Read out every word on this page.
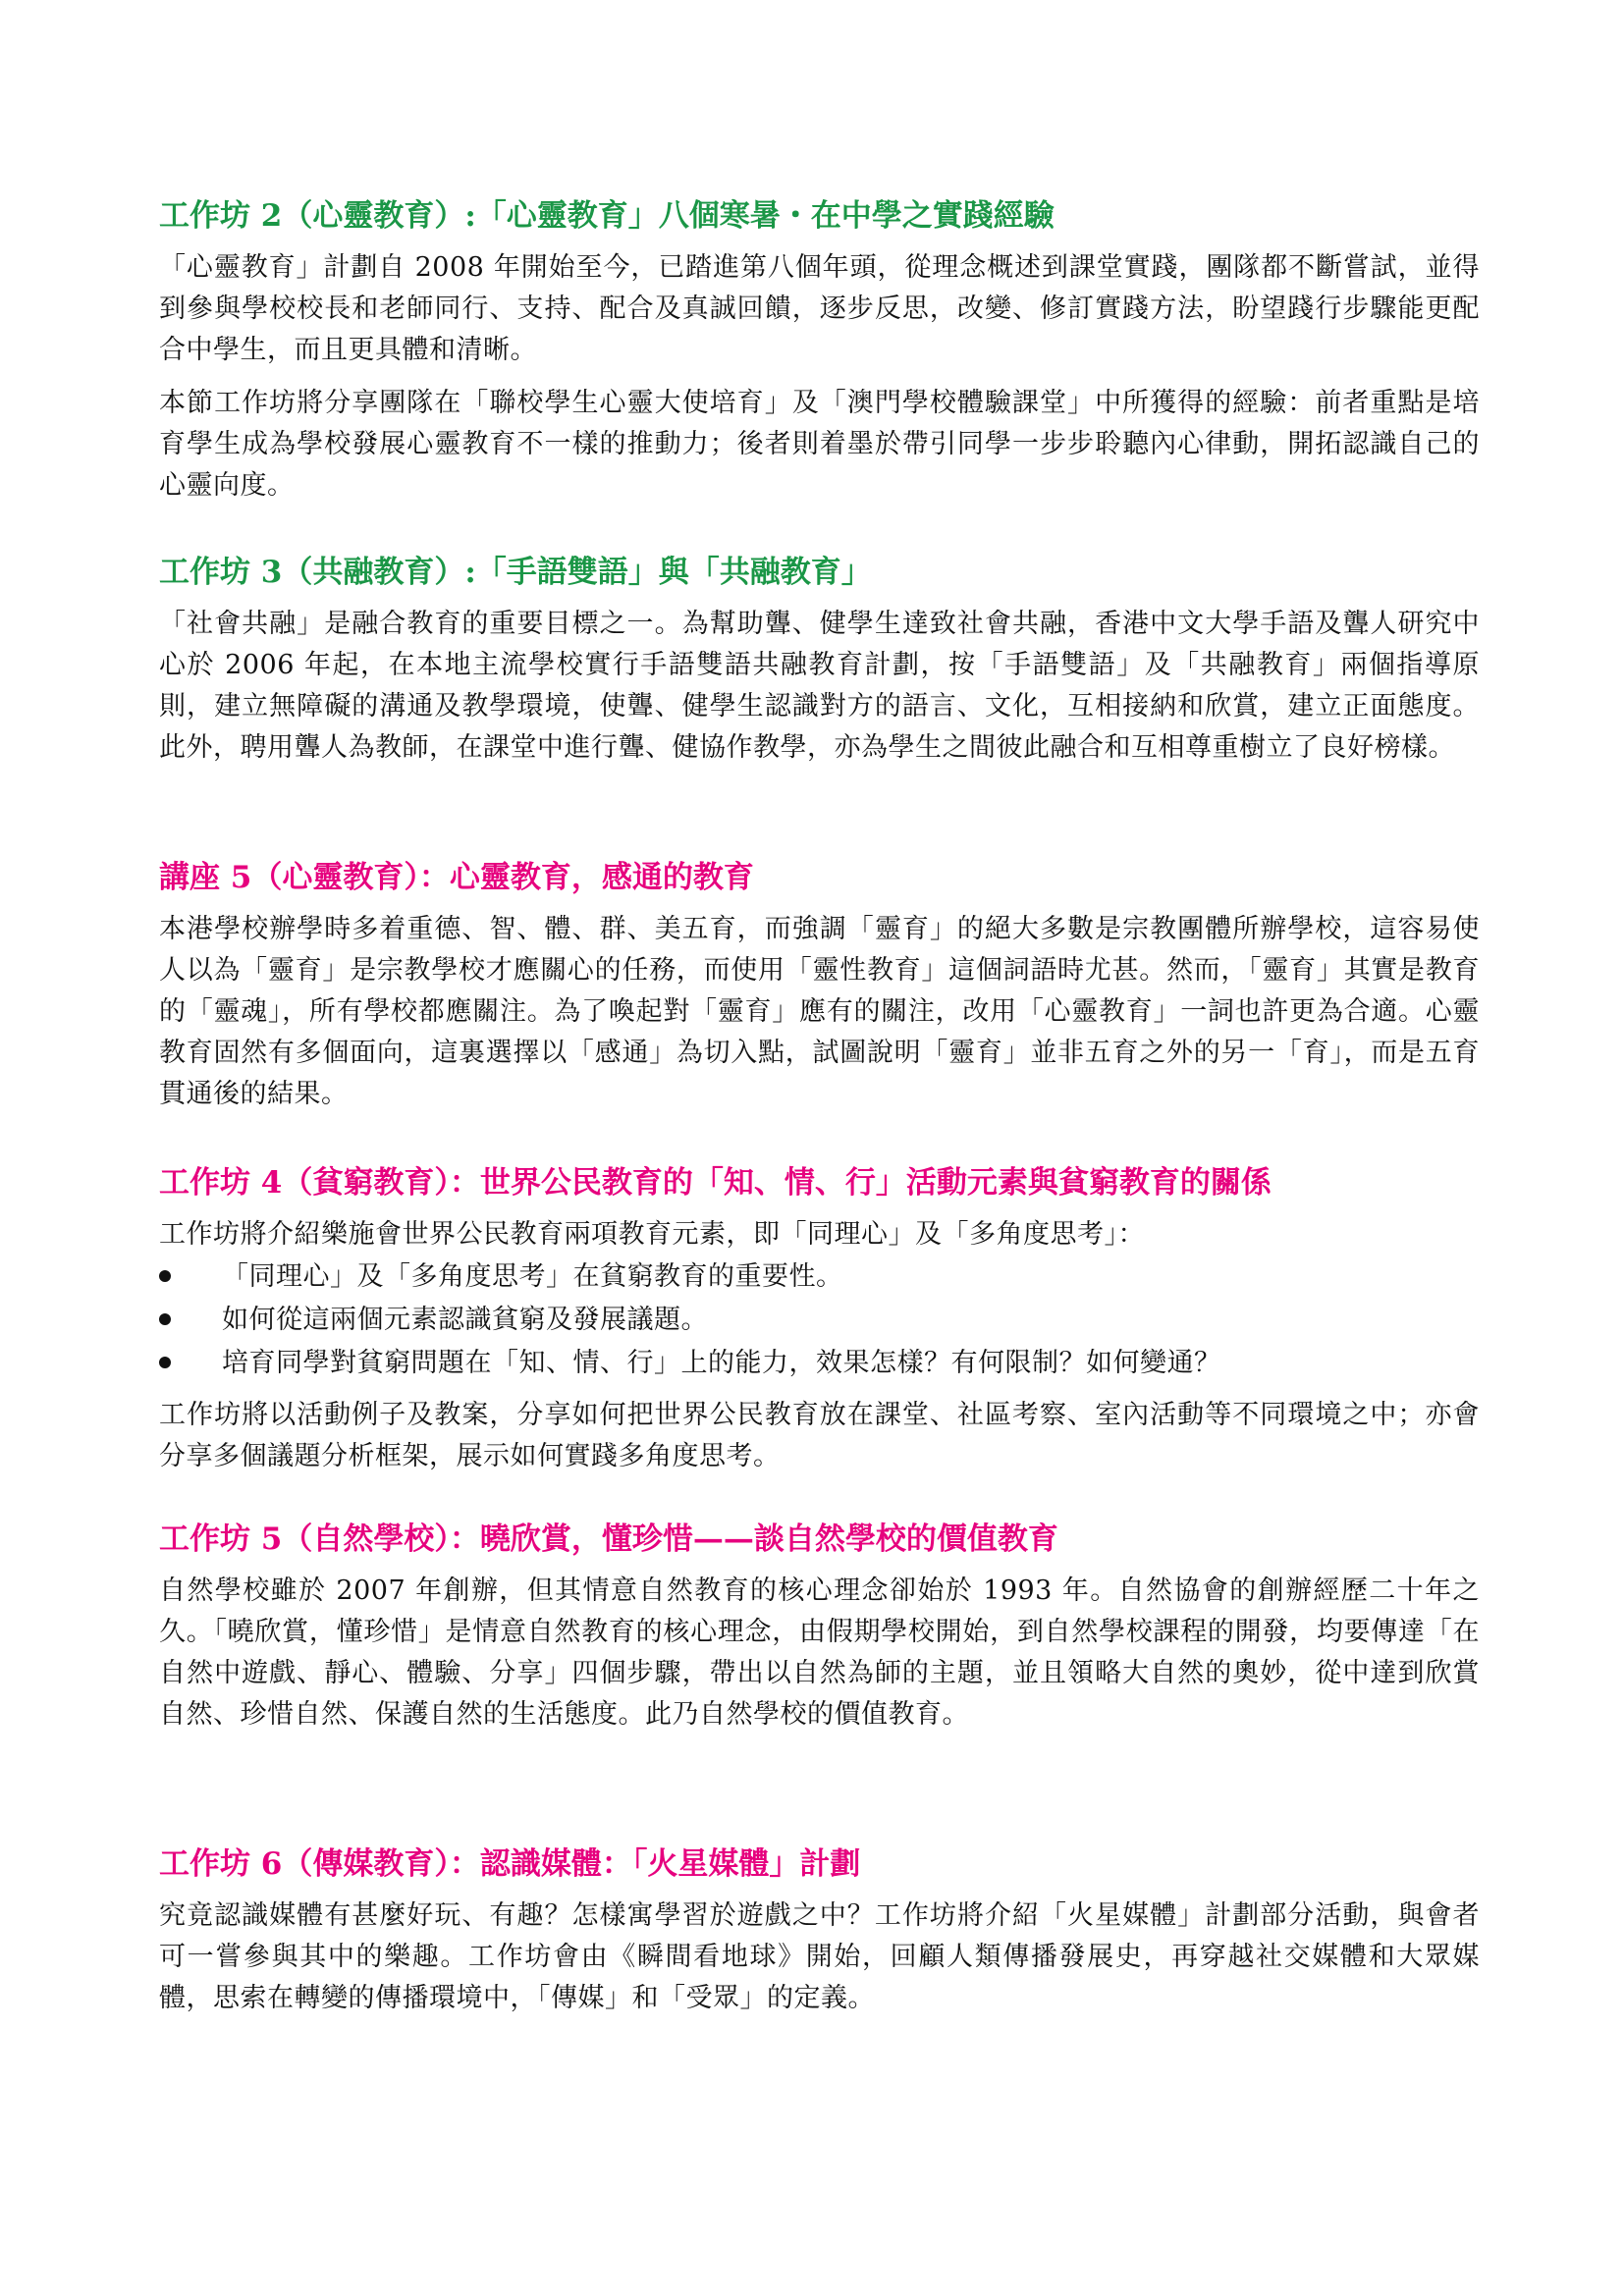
工作坊 2（心靈教育）:「心靈教育」八個寒暑・在中學之實踐經驗

「心靈教育」計劃自 2008 年開始至今，已踏進第八個年頭，從理念概述到課堂實踐，團隊都不斷嘗試，並得到參與學校校長和老師同行、支持、配合及真誠回饋，逐步反思，改變、修訂實踐方法，盼望踐行步驟能更配合中學生，而且更具體和清晰。

本節工作坊將分享團隊在「聯校學生心靈大使培育」及「澳門學校體驗課堂」中所獲得的經驗：前者重點是培育學生成為學校發展心靈教育不一樣的推動力；後者則着墨於帶引同學一步步聆聽內心律動，開拓認識自己的心靈向度。

工作坊 3（共融教育）:「手語雙語」與「共融教育」

「社會共融」是融合教育的重要目標之一。為幫助聾、健學生達致社會共融，香港中文大學手語及聾人研究中心於 2006 年起，在本地主流學校實行手語雙語共融教育計劃，按「手語雙語」及「共融教育」兩個指導原則，建立無障礙的溝通及教學環境，使聾、健學生認識對方的語言、文化，互相接納和欣賞，建立正面態度。此外，聘用聾人為教師，在課堂中進行聾、健協作教學，亦為學生之間彼此融合和互相尊重樹立了良好榜樣。

講座 5（心靈教育）：心靈教育，感通的教育

本港學校辦學時多着重德、智、體、群、美五育，而強調「靈育」的絕大多數是宗教團體所辦學校，這容易使人以為「靈育」是宗教學校才應關心的任務，而使用「靈性教育」這個詞語時尤甚。然而，「靈育」其實是教育的「靈魂」，所有學校都應關注。為了喚起對「靈育」應有的關注，改用「心靈教育」一詞也許更為合適。心靈教育固然有多個面向，這裏選擇以「感通」為切入點，試圖說明「靈育」並非五育之外的另一「育」，而是五育貫通後的結果。

工作坊 4（貧窮教育）：世界公民教育的「知、情、行」活動元素與貧窮教育的關係

工作坊將介紹樂施會世界公民教育兩項教育元素，即「同理心」及「多角度思考」：

「同理心」及「多角度思考」在貧窮教育的重要性。
如何從這兩個元素認識貧窮及發展議題。
培育同學對貧窮問題在「知、情、行」上的能力，效果怎樣？有何限制？如何變通？

工作坊將以活動例子及教案，分享如何把世界公民教育放在課堂、社區考察、室內活動等不同環境之中；亦會分享多個議題分析框架，展示如何實踐多角度思考。

工作坊 5（自然學校）：曉欣賞，懂珍惜——談自然學校的價值教育

自然學校雖於 2007 年創辦，但其情意自然教育的核心理念卻始於 1993 年。自然協會的創辦經歷二十年之久。「曉欣賞，懂珍惜」是情意自然教育的核心理念，由假期學校開始，到自然學校課程的開發，均要傳達「在自然中遊戲、靜心、體驗、分享」四個步驟，帶出以自然為師的主題，並且領略大自然的奧妙，從中達到欣賞自然、珍惜自然、保護自然的生活態度。此乃自然學校的價值教育。

工作坊 6（傳媒教育）：認識媒體：「火星媒體」計劃

究竟認識媒體有甚麼好玩、有趣？怎樣寓學習於遊戲之中？工作坊將介紹「火星媒體」計劃部分活動，與會者可一嘗參與其中的樂趣。工作坊會由《瞬間看地球》開始，回顧人類傳播發展史，再穿越社交媒體和大眾媒體，思索在轉變的傳播環境中，「傳媒」和「受眾」的定義。
